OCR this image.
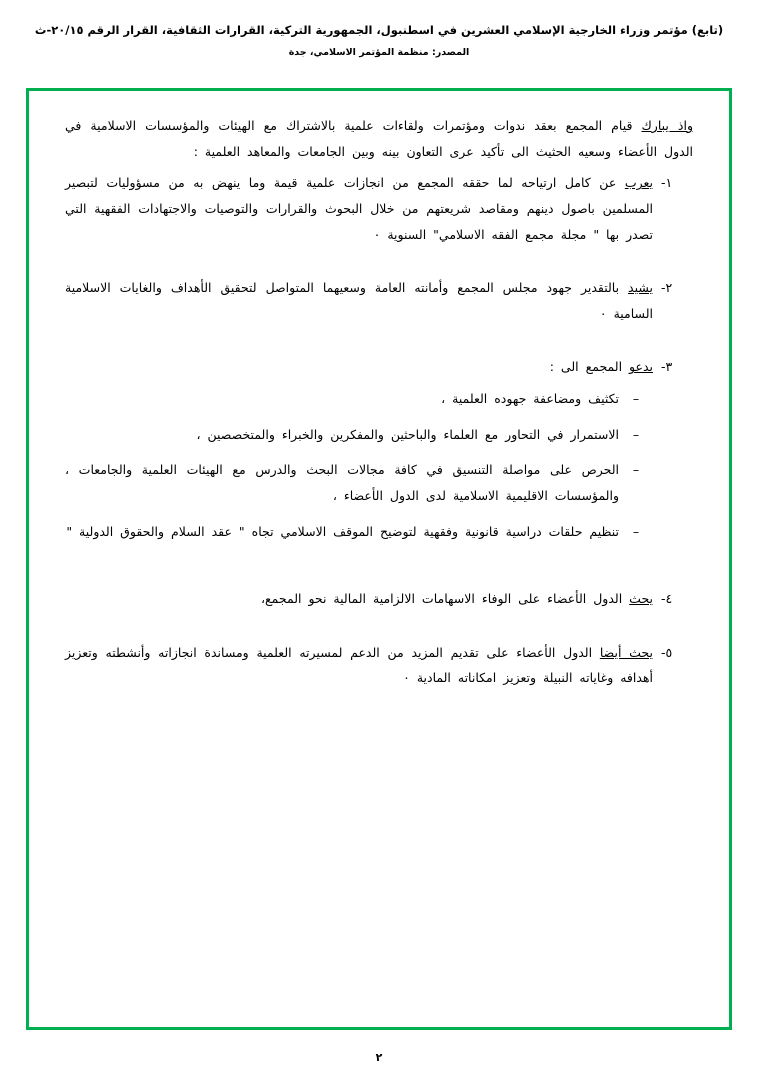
(تابع) مؤتمر وزراء الخارجية الإسلامي العشرين في اسطنبول، الجمهورية التركية، القرارات الثقافية، القرار الرقم ٢٠/١٥-ث
المصدر: منظمة المؤتمر الاسلامي، جدة

واذ يبارك قيام المجمع بعقد ندوات ومؤتمرات ولقاءات علمية بالاشتراك مع الهيئات والمؤسسات الاسلامية في الدول الأعضاء وسعيه الحثيث الى تأكيد عرى التعاون بينه وبين الجامعات والمعاهد العلمية :

١-

يعرب عن كامل ارتياحه لما حققه المجمع من انجازات علمية قيمة وما ينهض به من مسؤوليات لتبصير المسلمين باصول دينهم ومقاصد شريعتهم من خلال البحوث والقرارات والتوصيات والاجتهادات الفقهية التي تصدر بها " مجلة مجمع الفقه الاسلامي" السنوية ٠

٢-

يشيد بالتقدير جهود مجلس المجمع وأمانته العامة وسعيهما المتواصل لتحقيق الأهداف والغايات الاسلامية السامية ٠

٣-

يدعو المجمع الى :

–

تكثيف ومضاعفة جهوده العلمية ،

–

الاستمرار في التحاور مع العلماء والباحثين والمفكرين والخبراء والمتخصصين ،

–

الحرص على مواصلة التنسيق في كافة مجالات البحث والدرس مع الهيئات العلمية والجامعات ، والمؤسسات الاقليمية الاسلامية لدى الدول الأعضاء ،

–

تنظيم حلقات دراسية قانونية وفقهية لتوضيح الموقف الاسلامي تجاه " عقد السلام والحقوق الدولية "

٤-

يحث الدول الأعضاء على الوفاء الاسهامات الالزامية المالية نحو المجمع،

٥-

يحث أيضا الدول الأعضاء على تقديم المزيد من الدعم لمسيرته العلمية ومساندة انجازاته وأنشطته وتعزيز أهدافه وغاياته النبيلة وتعزيز امكاناته المادية ٠

٢
